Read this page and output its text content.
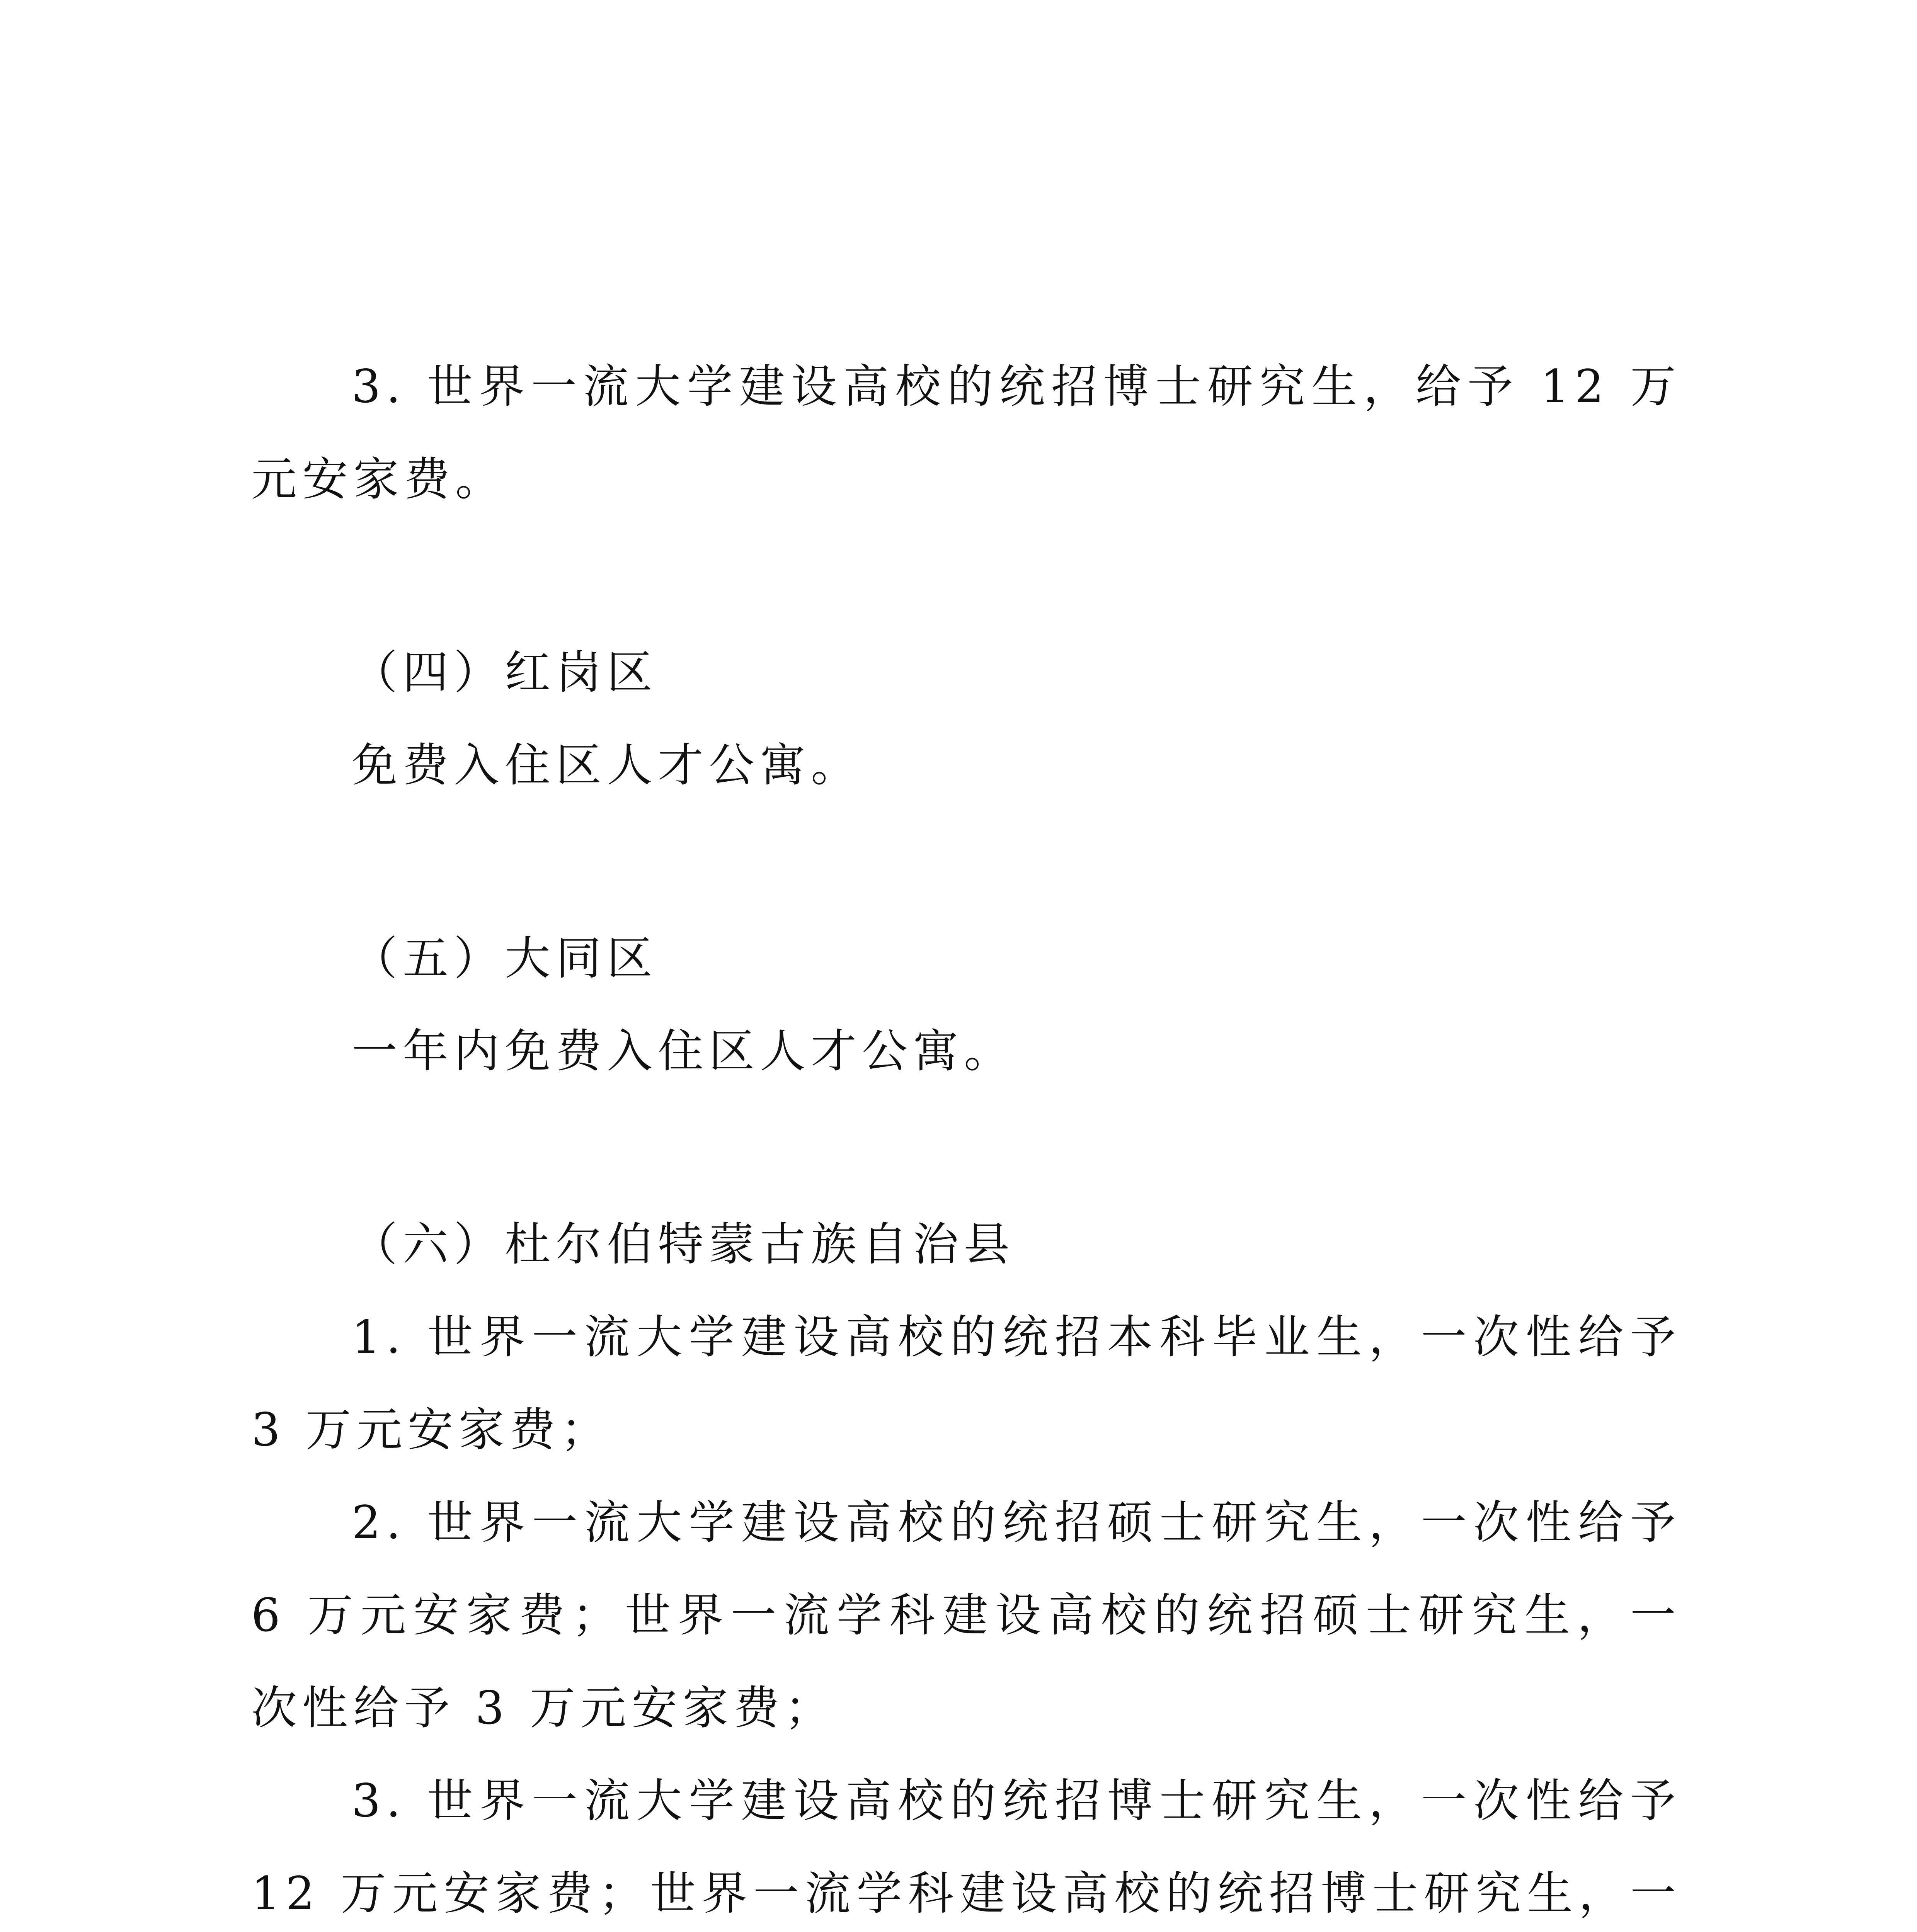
3. 世界一流大学建设高校的统招博士研究生，给予 12 万元安家费。

（四）红岗区

免费入住区人才公寓。

（五）大同区

一年内免费入住区人才公寓。

（六）杜尔伯特蒙古族自治县

1. 世界一流大学建设高校的统招本科毕业生，一次性给予 3 万元安家费；

2. 世界一流大学建设高校的统招硕士研究生，一次性给予 6 万元安家费；世界一流学科建设高校的统招硕士研究生，一次性给予 3 万元安家费；

3. 世界一流大学建设高校的统招博士研究生，一次性给予 12 万元安家费；世界一流学科建设高校的统招博士研究生，一
